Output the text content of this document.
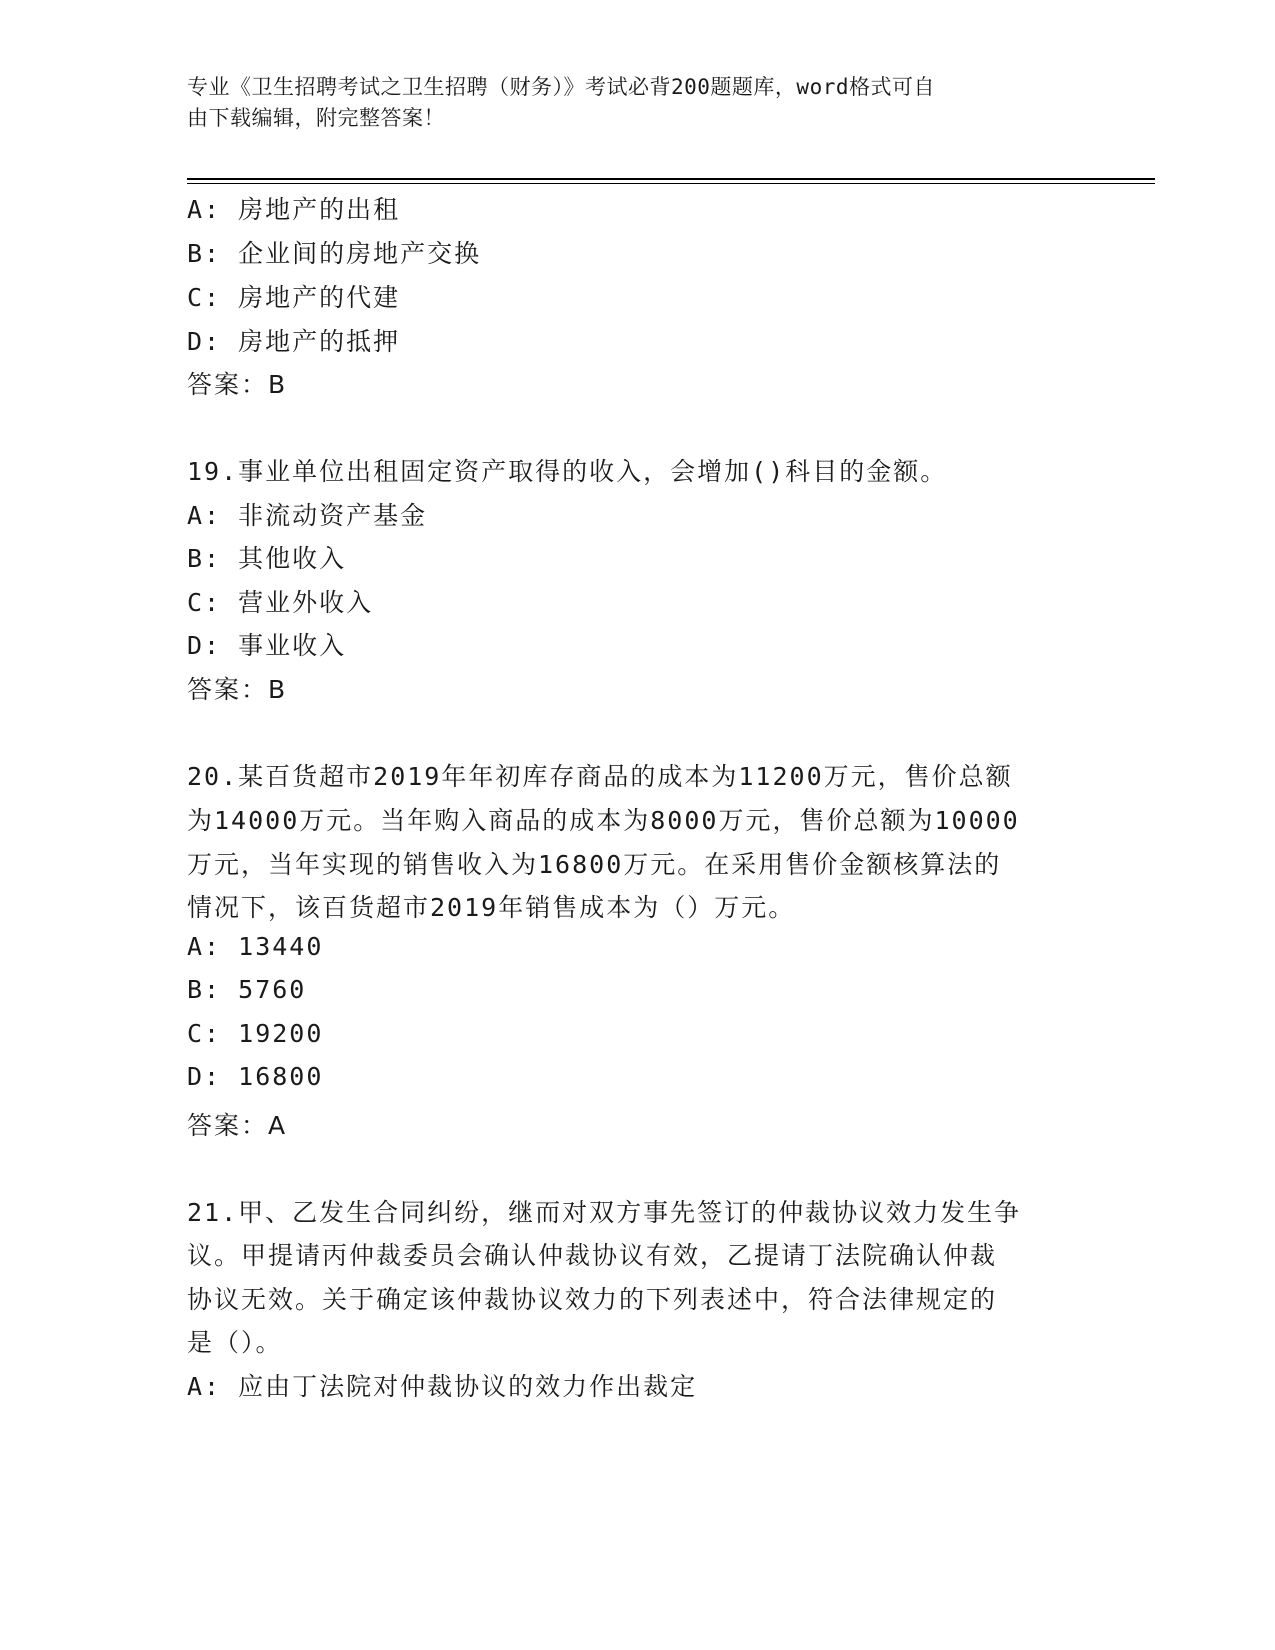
专业《卫生招聘考试之卫生招聘（财务）》考试必背200题题库，word格式可自
由下载编辑，附完整答案！
A: 房地产的出租
B: 企业间的房地产交换
C: 房地产的代建
D: 房地产的抵押
答案：B
19.事业单位出租固定资产取得的收入，会增加()科目的金额。
A: 非流动资产基金
B: 其他收入
C: 营业外收入
D: 事业收入
答案：B
20.某百货超市2019年年初库存商品的成本为11200万元，售价总额
为14000万元。当年购入商品的成本为8000万元，售价总额为10000
万元，当年实现的销售收入为16800万元。在采用售价金额核算法的
情况下，该百货超市2019年销售成本为（）万元。
A: 13440
B: 5760
C: 19200
D: 16800
答案：A
21.甲、乙发生合同纠纷，继而对双方事先签订的仲裁协议效力发生争
议。甲提请丙仲裁委员会确认仲裁协议有效，乙提请丁法院确认仲裁
协议无效。关于确定该仲裁协议效力的下列表述中，符合法律规定的
是（）。
A: 应由丁法院对仲裁协议的效力作出裁定
